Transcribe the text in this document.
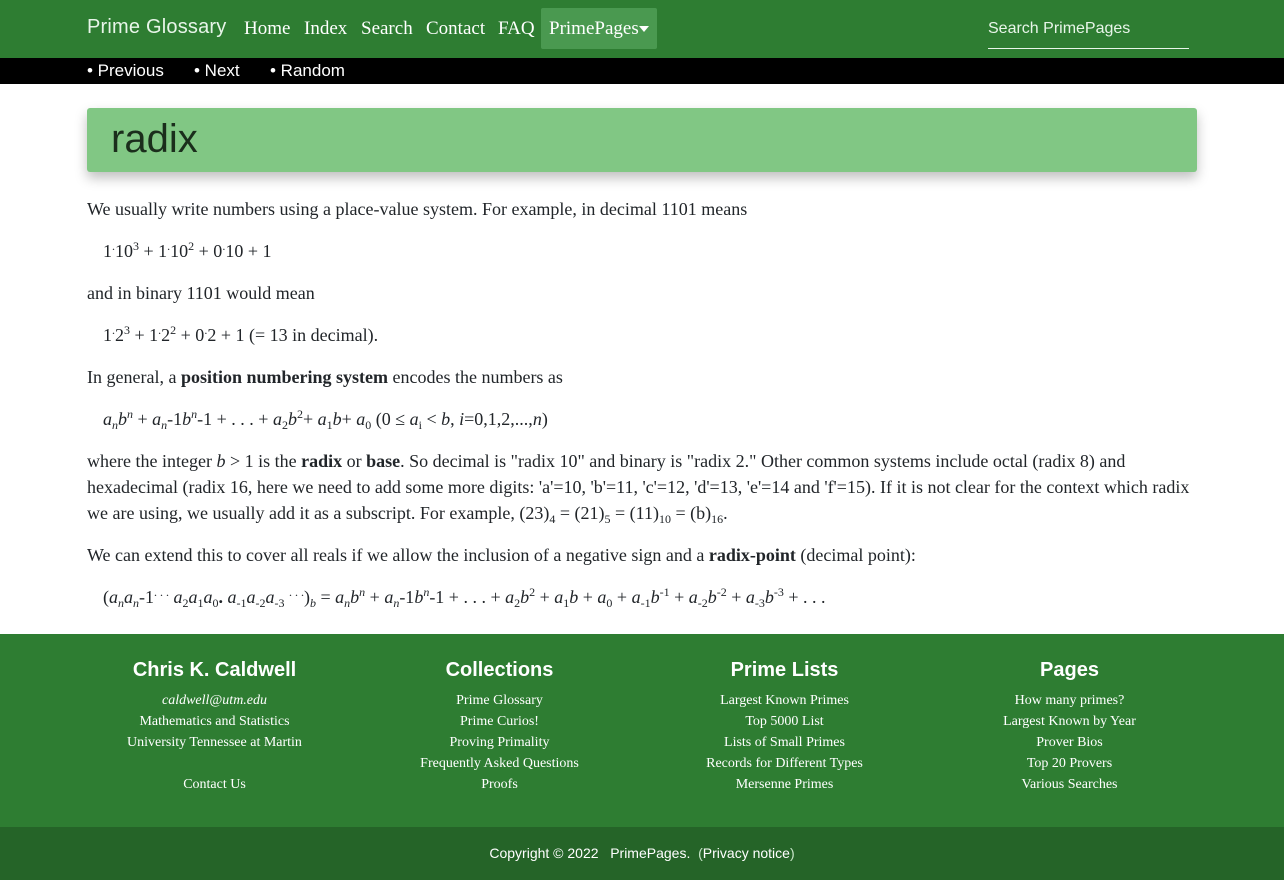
Prime Glossary Home Index Search Contact FAQ PrimePages
Search PrimePages
• Previous • Next • Random
radix
We usually write numbers using a place-value system. For example, in decimal 1101 means
$1^.10^3 + 1^.10^2 + 0^.10 + 1$
and in binary 1101 would mean
$1^.2^3 + 1^.2^2 + 0^.2 + 1$ (= 13 in decimal).
In general, a position numbering system encodes the numbers as
$a_nb^n + a_n-1b^n-1$ + . . . + $a_2b^2+ a_1b+ a_0$ ($0 \le a_i < b$, i=0,1,2,...,n)
where the integer b > 1 is the radix or base. So decimal is "radix 10" and binary is "radix 2." Other common systems include octal (radix 8) and hexadecimal (radix 16, here we need to add some more digits: 'a'=10, 'b'=11, 'c'=12, 'd'=13, 'e'=14 and 'f'=15). If it is not clear for the context which radix we are using, we usually add it as a subscript. For example, $(23)_4 = (21)_5 = (11)_{10} = (b)_{16}$.
We can extend this to cover all reals if we allow the inclusion of a negative sign and a radix-point (decimal point):
($a_na_n-1^{. . .}$ $a_2a_1a_0$. $a_{-1}a_{-2}a_{-3}$ $^{. . .})_b = a_nb^n + a_n-1b^n-1$ + . . . + $a_2b^2 + a_1b + a_0 + a_{-1}b^{-1} + a_{-2}b^{-2} + a_{-3}b^{-3}$ + . . .
Chris K. Caldwell
caldwell@utm.edu
Mathematics and Statistics
University Tennessee at Martin
Contact Us
Collections
Prime Glossary
Prime Curios!
Proving Primality
Frequently Asked Questions
Proofs
Prime Lists
Largest Known Primes
Top 5000 List
Lists of Small Primes
Records for Different Types
Mersenne Primes
Pages
How many primes?
Largest Known by Year
Prover Bios
Top 20 Provers
Various Searches
Copyright © 2022 PrimePages. (Privacy notice)
